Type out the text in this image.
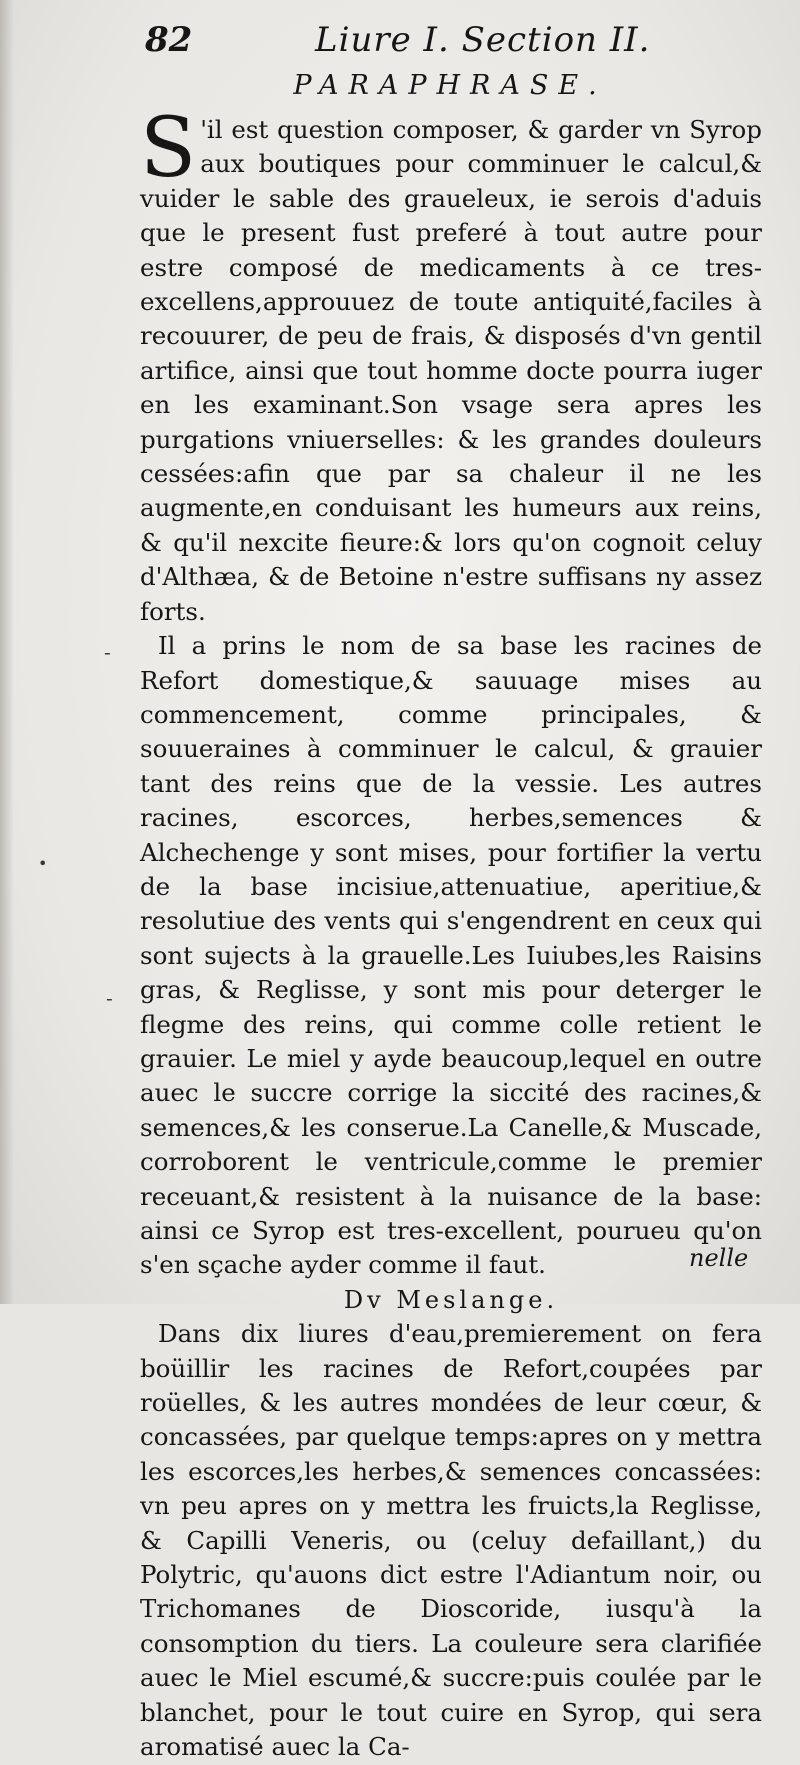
82	Liure I. Section II.
PARAPHRASE.

S 'il est question composer, & garder vn Syrop aux boutiques pour comminuer le calcul,& vuider le sable des graueleux, ie serois d'aduis que le present fust preferé à tout autre pour estre composé de medicaments à ce tres-excellens,approuuez de toute antiquité,faciles à recouurer, de peu de frais, & disposés d'vn gentil artifice, ainsi que tout homme docte pourra iuger en les examinant.Son vsage sera apres les purgations vniuerselles: & les grandes douleurs cessées:afin que par sa chaleur il ne les augmente,en conduisant les humeurs aux reins, & qu'il nexcite fieure:& lors qu'on cognoit celuy d'Althæa, & de Betoine n'estre suffisans ny assez forts.

Il a prins le nom de sa base les racines de Refort domestique,& sauuage mises au commencement, comme principales, & souueraines à comminuer le calcul, & grauier tant des reins que de la vessie. Les autres racines, escorces, herbes,semences & Alchechenge y sont mises, pour fortifier la vertu de la base incisiue,attenuatiue, aperitiue,& resolutiue des vents qui s'engendrent en ceux qui sont sujects à la grauelle.Les Iuiubes,les Raisins gras, & Reglisse, y sont mis pour deterger le flegme des reins, qui comme colle retient le grauier. Le miel y ayde beaucoup,lequel en outre auec le succre corrige la siccité des racines,& semences,& les conserue.La Canelle,& Muscade, corroborent le ventricule,comme le premier receuant,& resistent à la nuisance de la base: ainsi ce Syrop est tres-excellent, pourueu qu'on s'en sçache ayder comme il faut.

Dv Meslange.

Dans dix liures d'eau,premierement on fera boüillir les racines de Refort,coupées par roüelles, & les autres mondées de leur cœur, & concassées, par quelque temps:apres on y mettra les escorces,les herbes,& semences concassées: vn peu apres on y mettra les fruicts,la Reglisse, & Capilli Veneris, ou (celuy defaillant,) du Polytric, qu'auons dict estre l'Adiantum noir, ou Trichomanes de Dioscoride, iusqu'à la consomption du tiers. La couleure sera clarifiée auec le Miel escumé,& succre:puis coulée par le blanchet, pour le tout cuire en Syrop, qui sera aromatisé auec la Ca-

nelle
-
•
-
